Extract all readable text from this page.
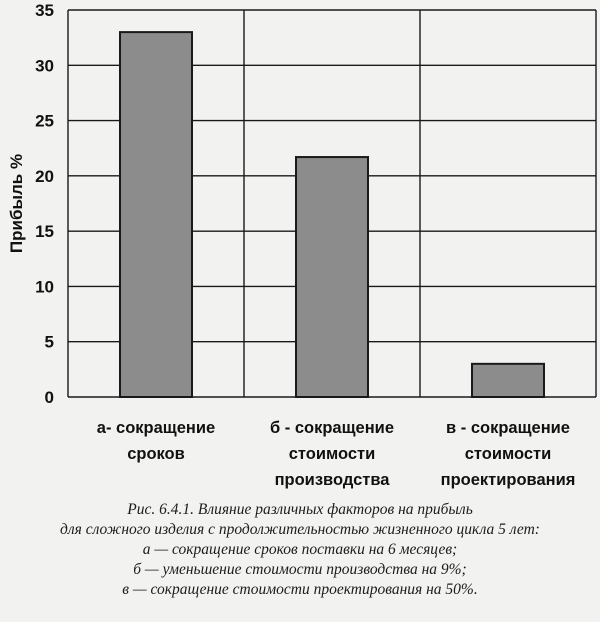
0
5
10
15
20
25
30
35
Прибыль %
а- сокращение сроков
б - сокращение стоимости производства
в - сокращение стоимости проектирования

Рис. 6.4.1. Влияние различных факторов на прибыль

для сложного изделия с продолжительностью жизненного цикла 5 лет:

а — сокращение сроков поставки на 6 месяцев;

б — уменьшение стоимости производства на 9%;

в — сокращение стоимости проектирования на 50%.
